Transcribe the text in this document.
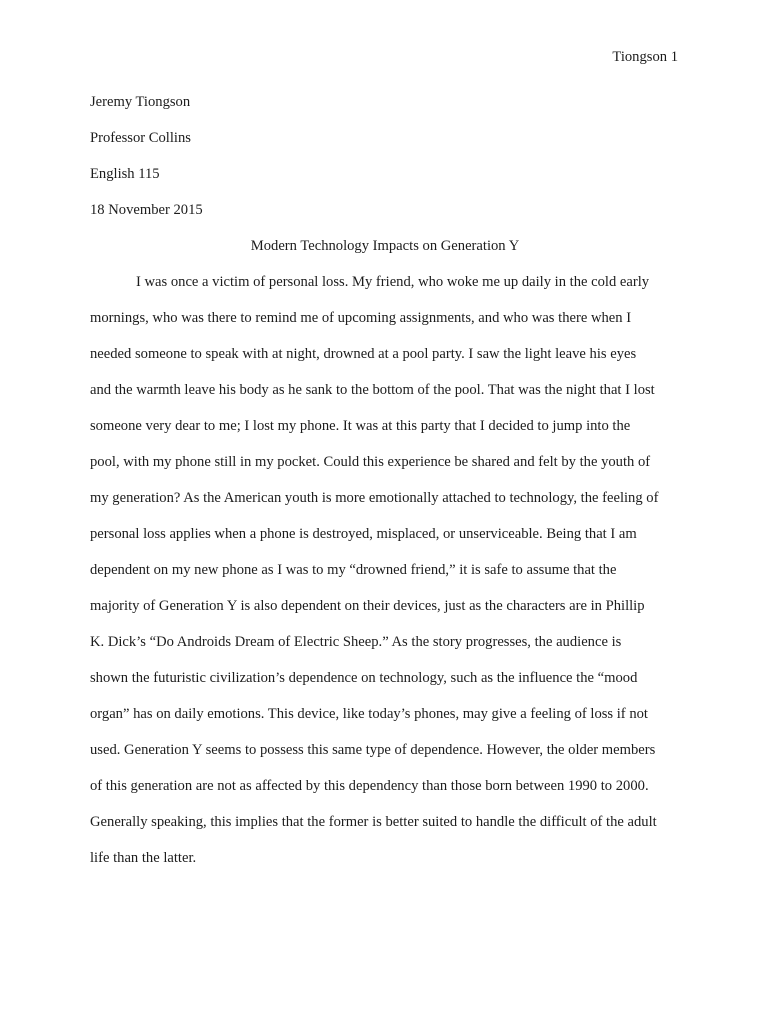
Tiongson 1
Jeremy Tiongson
Professor Collins
English 115
18 November 2015
Modern Technology Impacts on Generation Y
I was once a victim of personal loss. My friend, who woke me up daily in the cold early
mornings, who was there to remind me of upcoming assignments, and who was there when I
needed someone to speak with at night, drowned at a pool party. I saw the light leave his eyes
and the warmth leave his body as he sank to the bottom of the pool. That was the night that I lost
someone very dear to me; I lost my phone. It was at this party that I decided to jump into the
pool, with my phone still in my pocket. Could this experience be shared and felt by the youth of
my generation? As the American youth is more emotionally attached to technology, the feeling of
personal loss applies when a phone is destroyed, misplaced, or unserviceable. Being that I am
dependent on my new phone as I was to my “drowned friend,” it is safe to assume that the
majority of Generation Y is also dependent on their devices, just as the characters are in Phillip
K. Dick’s “Do Androids Dream of Electric Sheep.” As the story progresses, the audience is
shown the futuristic civilization’s dependence on technology, such as the influence the “mood
organ” has on daily emotions. This device, like today’s phones, may give a feeling of loss if not
used. Generation Y seems to possess this same type of dependence. However, the older members
of this generation are not as affected by this dependency than those born between 1990 to 2000.
Generally speaking, this implies that the former is better suited to handle the difficult of the adult
life than the latter.
